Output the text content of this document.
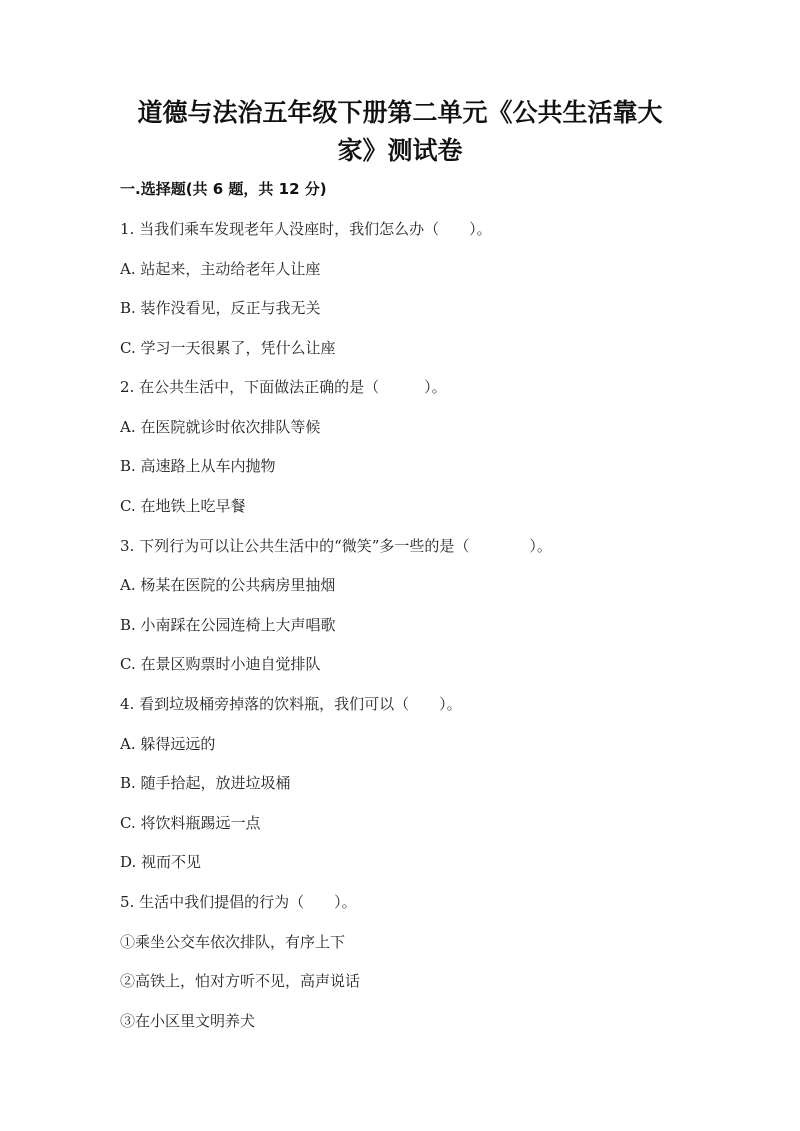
道德与法治五年级下册第二单元《公共生活靠大
家》测试卷
一.选择题(共 6 题，共 12 分)
1. 当我们乘车发现老年人没座时，我们怎么办（　　）。
A. 站起来，主动给老年人让座
B. 装作没看见，反正与我无关
C. 学习一天很累了，凭什么让座
2. 在公共生活中，下面做法正确的是（　　　）。
A. 在医院就诊时依次排队等候
B. 高速路上从车内抛物
C. 在地铁上吃早餐
3. 下列行为可以让公共生活中的“微笑”多一些的是（　　　　）。
A. 杨某在医院的公共病房里抽烟
B. 小南踩在公园连椅上大声唱歌
C. 在景区购票时小迪自觉排队
4. 看到垃圾桶旁掉落的饮料瓶，我们可以（　　）。
A. 躲得远远的
B. 随手拾起，放进垃圾桶
C. 将饮料瓶踢远一点
D. 视而不见
5. 生活中我们提倡的行为（　　）。
①乘坐公交车依次排队，有序上下
②高铁上，怕对方听不见，高声说话
③在小区里文明养犬
